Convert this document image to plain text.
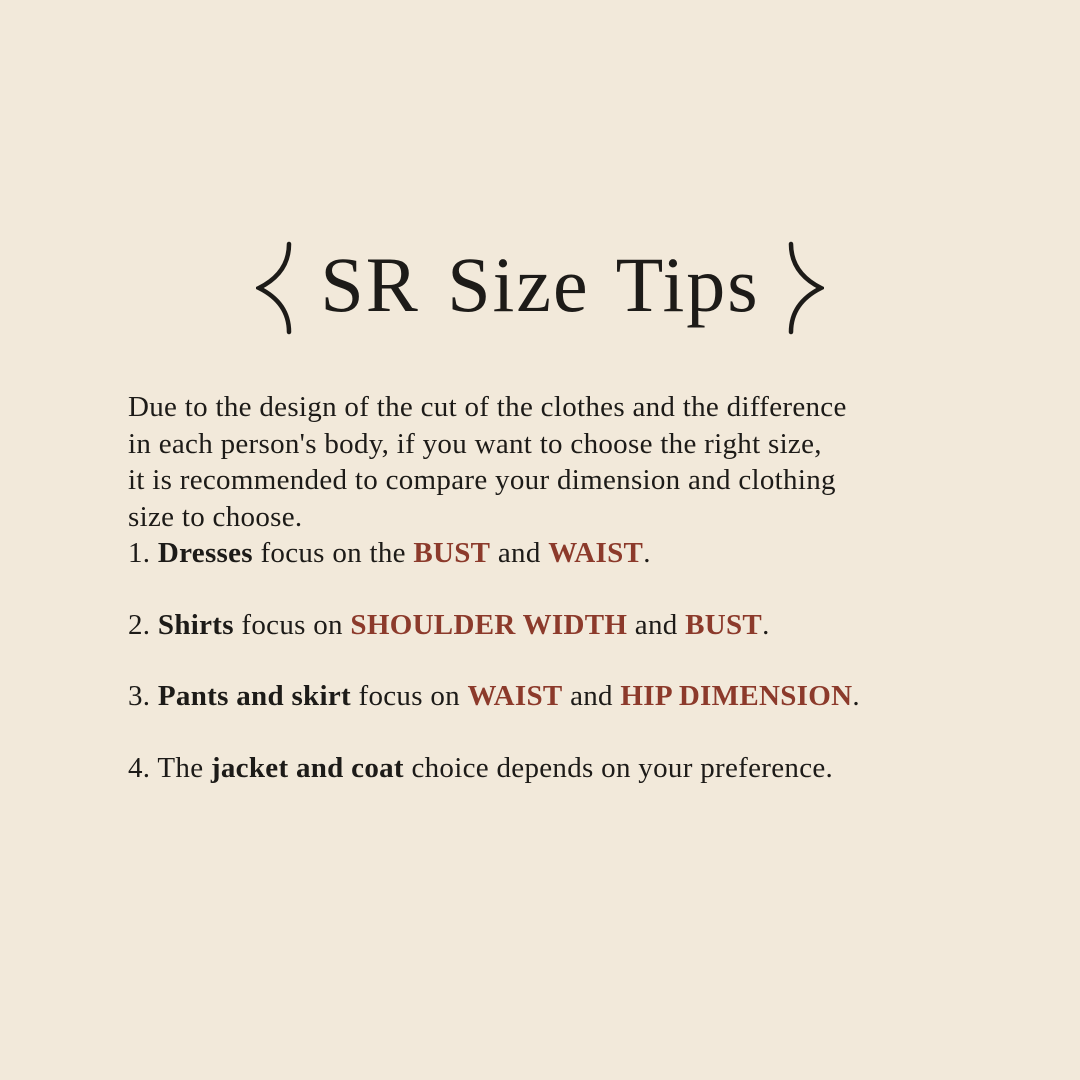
SR Size Tips
Due to the design of the cut of the clothes and the difference
in each person's body, if you want to choose the right size,
it is recommended to compare your dimension and clothing
size to choose.
1. Dresses focus on the BUST and WAIST.
2. Shirts focus on SHOULDER WIDTH and BUST.
3. Pants and skirt focus on WAIST and HIP DIMENSION.
4. The jacket and coat choice depends on your preference.
